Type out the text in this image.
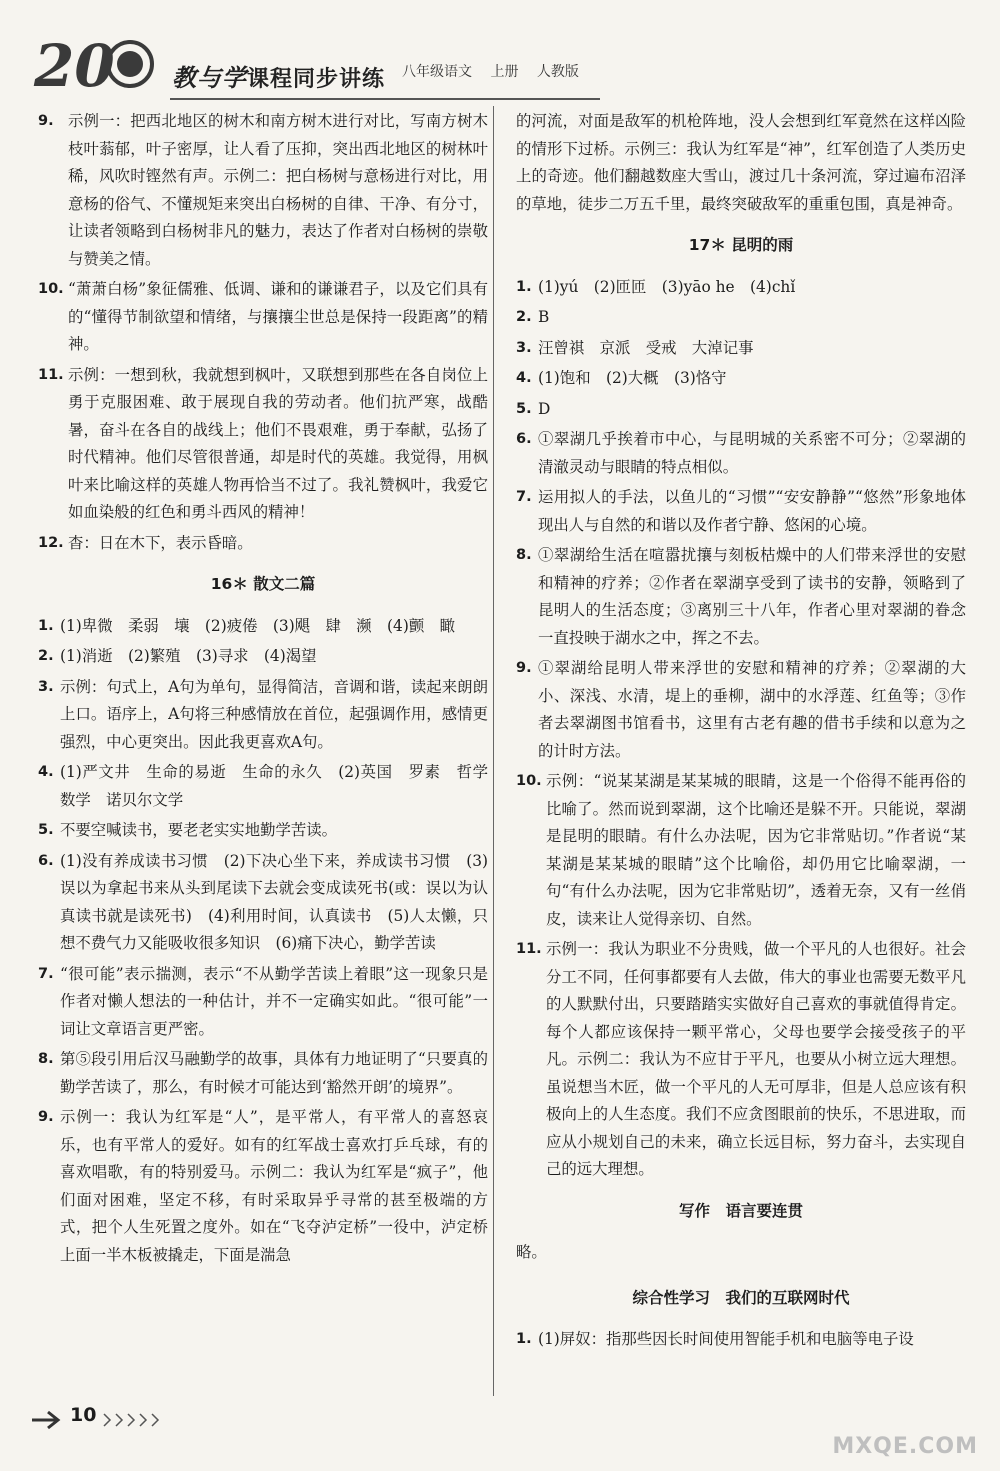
20 教与学课程同步讲练 八年级语文 上册 人教版
9. 示例一：把西北地区的树木和南方树木进行对比，写南方树木枝叶蓊郁，叶子密厚，让人看了压抑，突出西北地区的树林叶稀，风吹时铿然有声。示例二：把白杨树与意杨进行对比，用意杨的俗气、不懂规矩来突出白杨树的自律、干净、有分寸，让读者领略到白杨树非凡的魅力，表达了作者对白杨树的崇敬与赞美之情。
10. “萧萧白杨”象征儒雅、低调、谦和的谦谦君子，以及它们具有的“懂得节制欲望和情绪，与攘攘尘世总是保持一段距离”的精神。
11. 示例：一想到秋，我就想到枫叶，又联想到那些在各自岗位上勇于克服困难、敢于展现自我的劳动者。他们抗严寒，战酷暑，奋斗在各自的战线上；他们不畏艰难，勇于奉献，弘扬了时代精神。他们尽管很普通，却是时代的英雄。我觉得，用枫叶来比喻这样的英雄人物再恰当不过了。我礼赞枫叶，我爱它如血染般的红色和勇斗西风的精神！
12. 杳：日在木下，表示昏暗。
16＊ 散文二篇
1. (1)卑微　柔弱　壤　(2)疲倦　(3)飓　肆　濒　(4)颤　瞰
2. (1)消逝　(2)繁殖　(3)寻求　(4)渴望
3. 示例：句式上，A句为单句，显得简洁，音调和谐，读起来朗朗上口。语序上，A句将三种感情放在首位，起强调作用，感情更强烈，中心更突出。因此我更喜欢A句。
4. (1)严文井　生命的易逝　生命的永久　(2)英国　罗素　哲学　数学　诺贝尔文学
5. 不要空喊读书，要老老实实地勤学苦读。
6. (1)没有养成读书习惯　(2)下决心坐下来，养成读书习惯　(3)误以为拿起书来从头到尾读下去就会变成读死书(或：误以为认真读书就是读死书)　(4)利用时间，认真读书　(5)人太懒，只想不费气力又能吸收很多知识　(6)痛下决心，勤学苦读
7. “很可能”表示揣测，表示“不从勤学苦读上着眼”这一现象只是作者对懒人想法的一种估计，并不一定确实如此。“很可能”一词让文章语言更严密。
8. 第⑤段引用后汉马融勤学的故事，具体有力地证明了“只要真的勤学苦读了，那么，有时候才可能达到‘豁然开朗’的境界”。
9. 示例一：我认为红军是“人”，是平常人，有平常人的喜怒哀乐，也有平常人的爱好。如有的红军战士喜欢打乒乓球，有的喜欢唱歌，有的特别爱马。示例二：我认为红军是“疯子”，他们面对困难，坚定不移，有时采取异乎寻常的甚至极端的方式，把个人生死置之度外。如在“飞夺泸定桥”一役中，泸定桥上面一半木板被撬走，下面是湍急
的河流，对面是敌军的机枪阵地，没人会想到红军竟然在这样凶险的情形下过桥。示例三：我认为红军是“神”，红军创造了人类历史上的奇迹。他们翻越数座大雪山，渡过几十条河流，穿过遍布沼泽的草地，徒步二万五千里，最终突破敌军的重重包围，真是神奇。
17＊ 昆明的雨
1. (1)yú　(2)匝匝　(3)yāo he　(4)chǐ
2. B
3. 汪曾祺　京派　受戒　大淖记事
4. (1)饱和　(2)大概　(3)恪守
5. D
6. ①翠湖几乎挨着市中心，与昆明城的关系密不可分；②翠湖的清澈灵动与眼睛的特点相似。
7. 运用拟人的手法，以鱼儿的“习惯”“安安静静”“悠然”形象地体现出人与自然的和谐以及作者宁静、悠闲的心境。
8. ①翠湖给生活在喧嚣扰攘与刻板枯燥中的人们带来浮世的安慰和精神的疗养；②作者在翠湖享受到了读书的安静，领略到了昆明人的生活态度；③离别三十八年，作者心里对翠湖的眷念一直投映于湖水之中，挥之不去。
9. ①翠湖给昆明人带来浮世的安慰和精神的疗养；②翠湖的大小、深浅、水清，堤上的垂柳，湖中的水浮莲、红鱼等；③作者去翠湖图书馆看书，这里有古老有趣的借书手续和以意为之的计时方法。
10. 示例：“说某某湖是某某城的眼睛，这是一个俗得不能再俗的比喻了。然而说到翠湖，这个比喻还是躲不开。只能说，翠湖是昆明的眼睛。有什么办法呢，因为它非常贴切。”作者说“某某湖是某某城的眼睛”这个比喻俗，却仍用它比喻翠湖，一句“有什么办法呢，因为它非常贴切”，透着无奈，又有一丝俏皮，读来让人觉得亲切、自然。
11. 示例一：我认为职业不分贵贱，做一个平凡的人也很好。社会分工不同，任何事都要有人去做，伟大的事业也需要无数平凡的人默默付出，只要踏踏实实做好自己喜欢的事就值得肯定。每个人都应该保持一颗平常心，父母也要学会接受孩子的平凡。示例二：我认为不应甘于平凡，也要从小树立远大理想。虽说想当木匠，做一个平凡的人无可厚非，但是人总应该有积极向上的人生态度。我们不应贪图眼前的快乐，不思进取，而应从小规划自己的未来，确立长远目标，努力奋斗，去实现自己的远大理想。
写作　语言要连贯
略。
综合性学习　我们的互联网时代
1. (1)屏奴：指那些因长时间使用智能手机和电脑等电子设
10
MXQE.COM
